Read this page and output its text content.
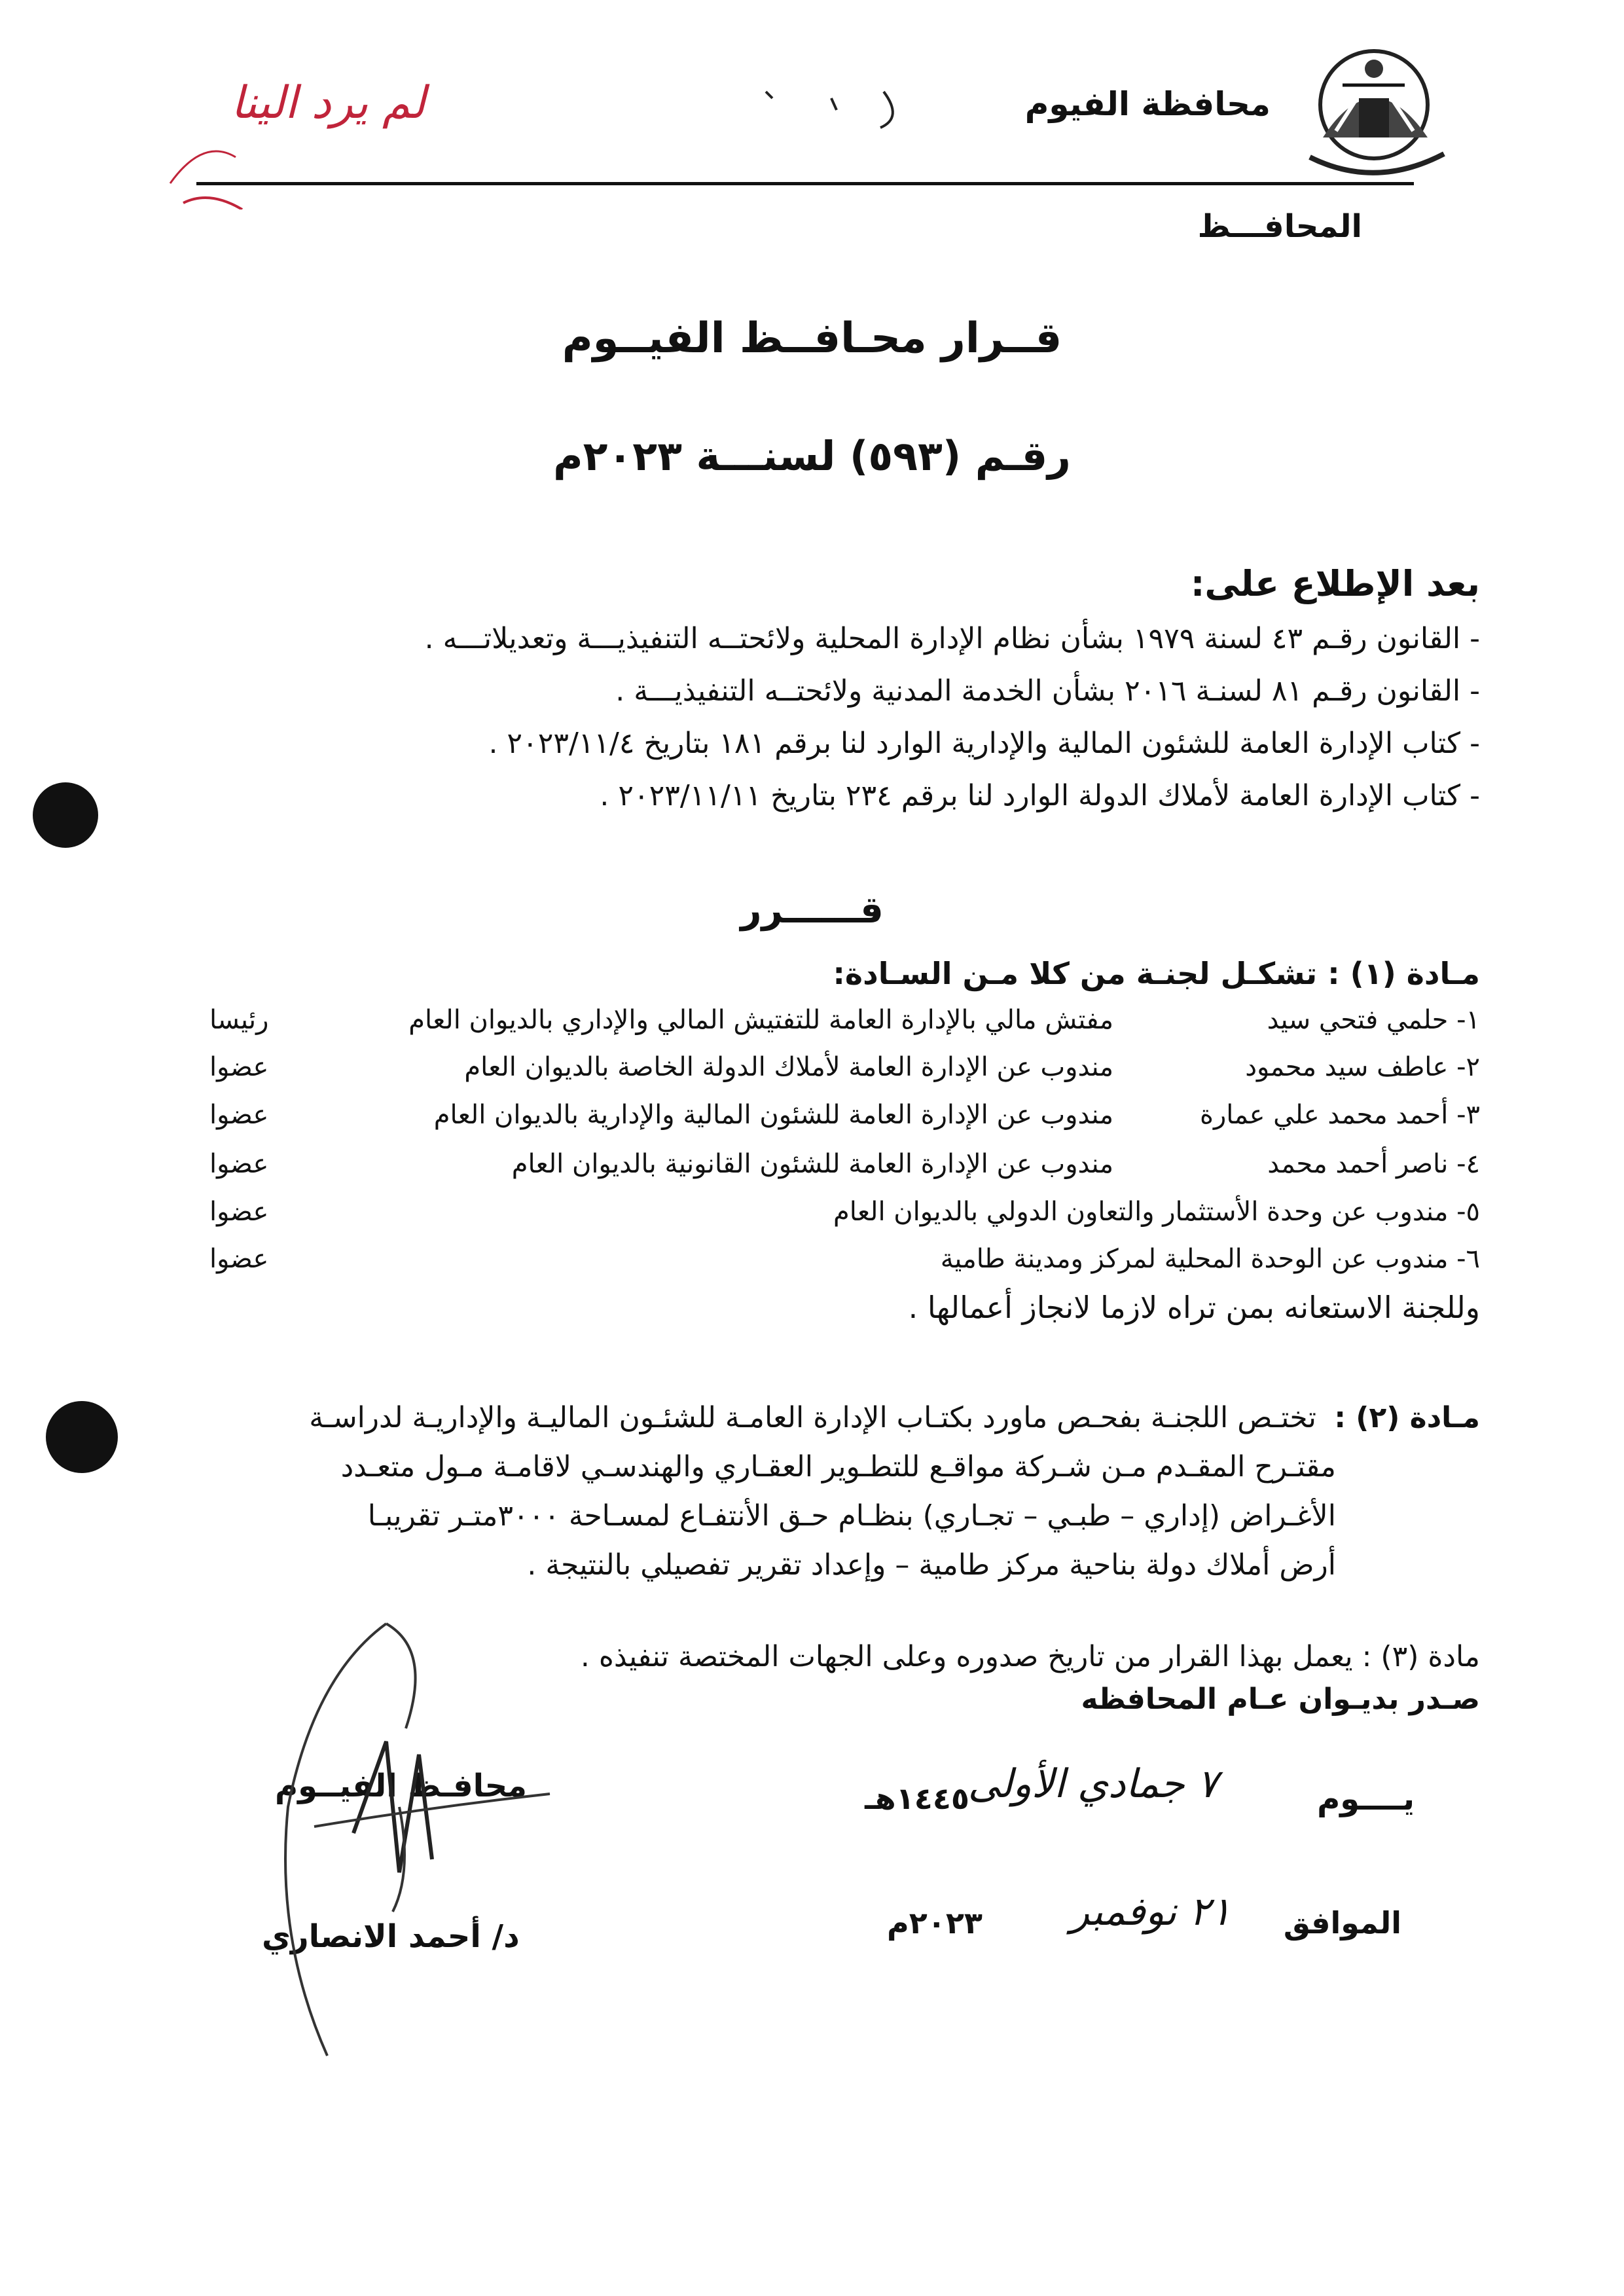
محافظة الفيوم
المحافـــظ
لم يرد الينا
قــرار محـافــظ الفيــوم
رقـم (٥٩٣) لسنـــة ٢٠٢٣م
بعد الإطلاع على:
- القانون رقـم ٤٣ لسنة ١٩٧٩ بشأن نظام الإدارة المحلية ولائحتــه التنفيذيـــة وتعديلاتـــه .
- القانون رقـم ٨١ لسنـة ٢٠١٦ بشأن الخدمة المدنية ولائحتــه التنفيذيـــة .
- كتاب الإدارة العامة للشئون المالية والإدارية الوارد لنا برقم ١٨١ بتاريخ ٢٠٢٣/١١/٤ .
- كتاب الإدارة العامة لأملاك الدولة الوارد لنا برقم ٢٣٤ بتاريخ ٢٠٢٣/١١/١١ .
قــــــرر
مـادة (١) : تشكـل لجنـة من كلا مـن السـادة:
١- حلمي فتحي سيد
مفتش مالي بالإدارة العامة للتفتيش المالي والإداري بالديوان العام
رئيسا
٢- عاطف سيد محمود
مندوب عن الإدارة العامة لأملاك الدولة الخاصة بالديوان العام
عضوا
٣- أحمد محمد علي عمارة
مندوب عن الإدارة العامة للشئون المالية والإدارية بالديوان العام
عضوا
٤- ناصر أحمد محمد
مندوب عن الإدارة العامة للشئون القانونية بالديوان العام
عضوا
٥- مندوب عن وحدة الأستثمار والتعاون الدولي بالديوان العام
عضوا
٦- مندوب عن الوحدة المحلية لمركز ومدينة طامية
عضوا
وللجنة الاستعانه بمن تراه لازما لانجاز أعمالها .
مـادة (٢) :
تختـص اللجنـة بفحـص ماورد بكتـاب الإدارة العامـة للشئـون الماليـة والإداريـة لدراسـة
مقتـرح المقـدم مـن شـركة مواقـع للتطـوير العقـاري والهندسـي لاقامـة مـول متعـدد
الأغـراض (إداري – طبـي – تجـاري) بنظـام حـق الأنتفـاع لمسـاحة ٣٠٠٠متـر تقريبـا
أرض أملاك دولة بناحية مركز طامية – وإعداد تقرير تفصيلي بالنتيجة .
مادة (٣) : يعمل بهذا القرار من تاريخ صدوره وعلى الجهات المختصة تنفيذه .
صـدر بديـوان عـام المحافظه
يــــوم
٧ جمادي الأولى
١٤٤٥هـ
الموافق
٢١ نوفمبر
٢٠٢٣م
محافـظ الفيــوم
د/ أحمد الانصاري
